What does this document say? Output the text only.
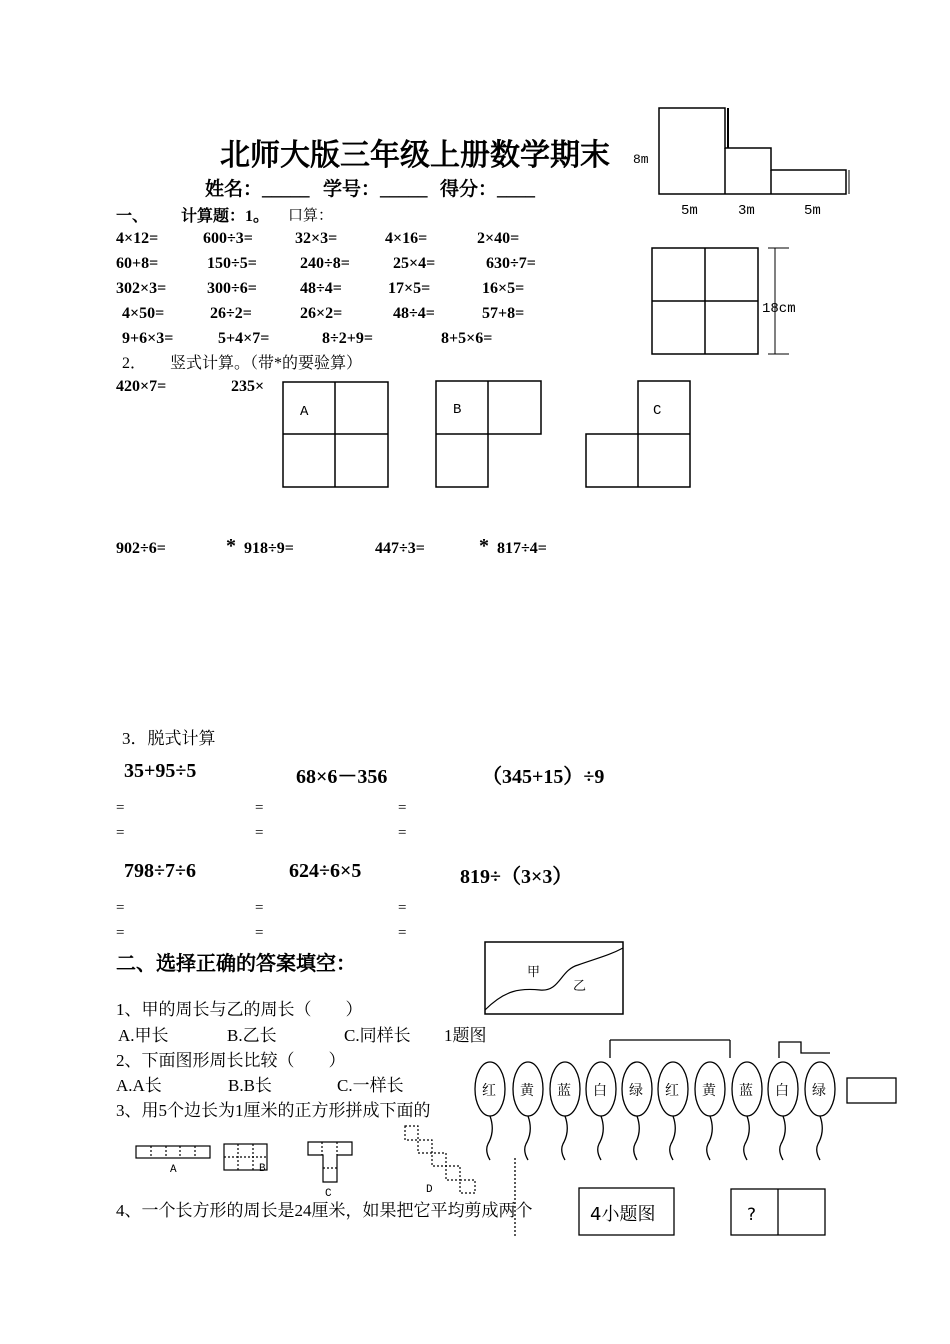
北师大版三年级上册数学期末
姓名：_____ 学号：_____ 得分：____
一、 计算题：1。 口算：
4×12=	600÷3=	32×3=	4×16=	2×40=
60+8=	150÷5=	240÷8=	25×4=	630÷7=
302×3=	300÷6=	48÷4=	17×5=	16×5=
4×50=	26÷2=	26×2=	48÷4=	57+8=
9+6×3=	5+4×7=	8÷2+9=	8+5×6=
2．　　竖式计算。（带*的要验算）
420×7=	235×
902÷6=	* 918÷9=	447÷3=	* 817÷4=
3．脱式计算
35+95÷5	68×6－356	（345+15）÷9
=	=	=
=	=	=
798÷7÷6	624÷6×5	819÷（3×3）
=	=	=
=	=	=
二、选择正确的答案填空：
1、甲的周长与乙的周长（　　）
A.甲长	B.乙长	C.同样长 1题图
2、下面图形周长比较（　　）
A.A长	B.B长	C.一样长
3、用5个边长为1厘米的正方形拼成下面的
4、一个长方形的周长是24厘米，如果把它平均剪成两个
8m
5m	3m	5m
18cm
A	B	C
甲
乙
红 黄 蓝 白 绿 红 黄 蓝 白 绿
A	B
C	D
4小题图	?
